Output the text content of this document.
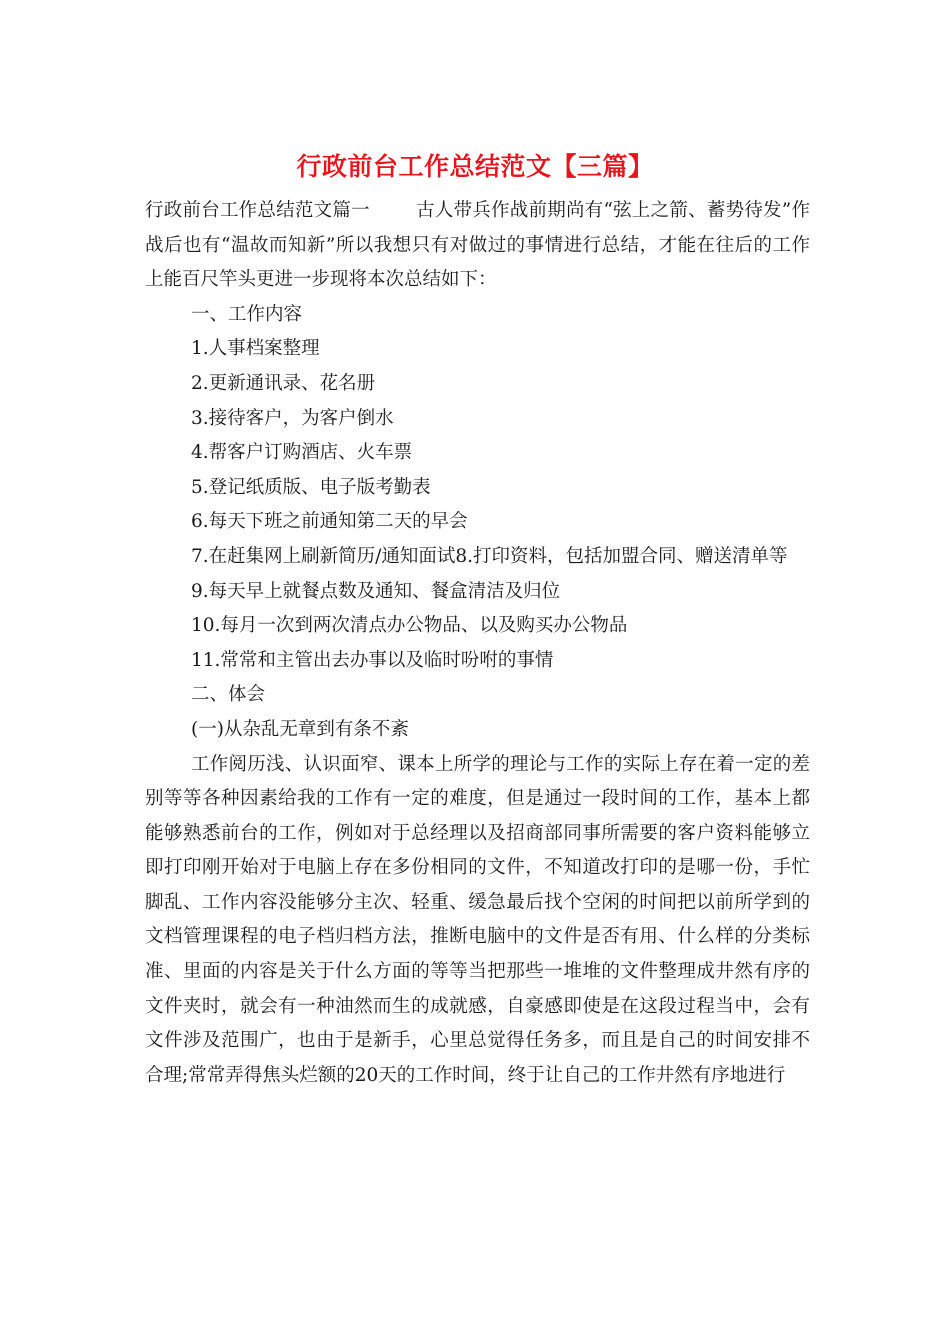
行政前台工作总结范文【三篇】

行政前台工作总结范文篇一 古人带兵作战前期尚有“弦上之箭、蓄势待发”作战后也有“温故而知新”所以我想只有对做过的事情进行总结，才能在往后的工作上能百尺竿头更进一步现将本次总结如下：

一、工作内容

1.人事档案整理

2.更新通讯录、花名册

3.接待客户，为客户倒水

4.帮客户订购酒店、火车票

5.登记纸质版、电子版考勤表

6.每天下班之前通知第二天的早会

7.在赶集网上刷新简历/通知面试8.打印资料，包括加盟合同、赠送清单等

9.每天早上就餐点数及通知、餐盒清洁及归位

10.每月一次到两次清点办公物品、以及购买办公物品

11.常常和主管出去办事以及临时吩咐的事情

二、体会

(一)从杂乱无章到有条不紊

工作阅历浅、认识面窄、课本上所学的理论与工作的实际上存在着一定的差别等等各种因素给我的工作有一定的难度，但是通过一段时间的工作，基本上都能够熟悉前台的工作，例如对于总经理以及招商部同事所需要的客户资料能够立即打印刚开始对于电脑上存在多份相同的文件，不知道改打印的是哪一份，手忙脚乱、工作内容没能够分主次、轻重、缓急最后找个空闲的时间把以前所学到的文档管理课程的电子档归档方法，推断电脑中的文件是否有用、什么样的分类标准、里面的内容是关于什么方面的等等当把那些一堆堆的文件整理成井然有序的文件夹时，就会有一种油然而生的成就感，自豪感即使是在这段过程当中，会有文件涉及范围广，也由于是新手，心里总觉得任务多，而且是自己的时间安排不合理;常常弄得焦头烂额的20天的工作时间，终于让自己的工作井然有序地进行
